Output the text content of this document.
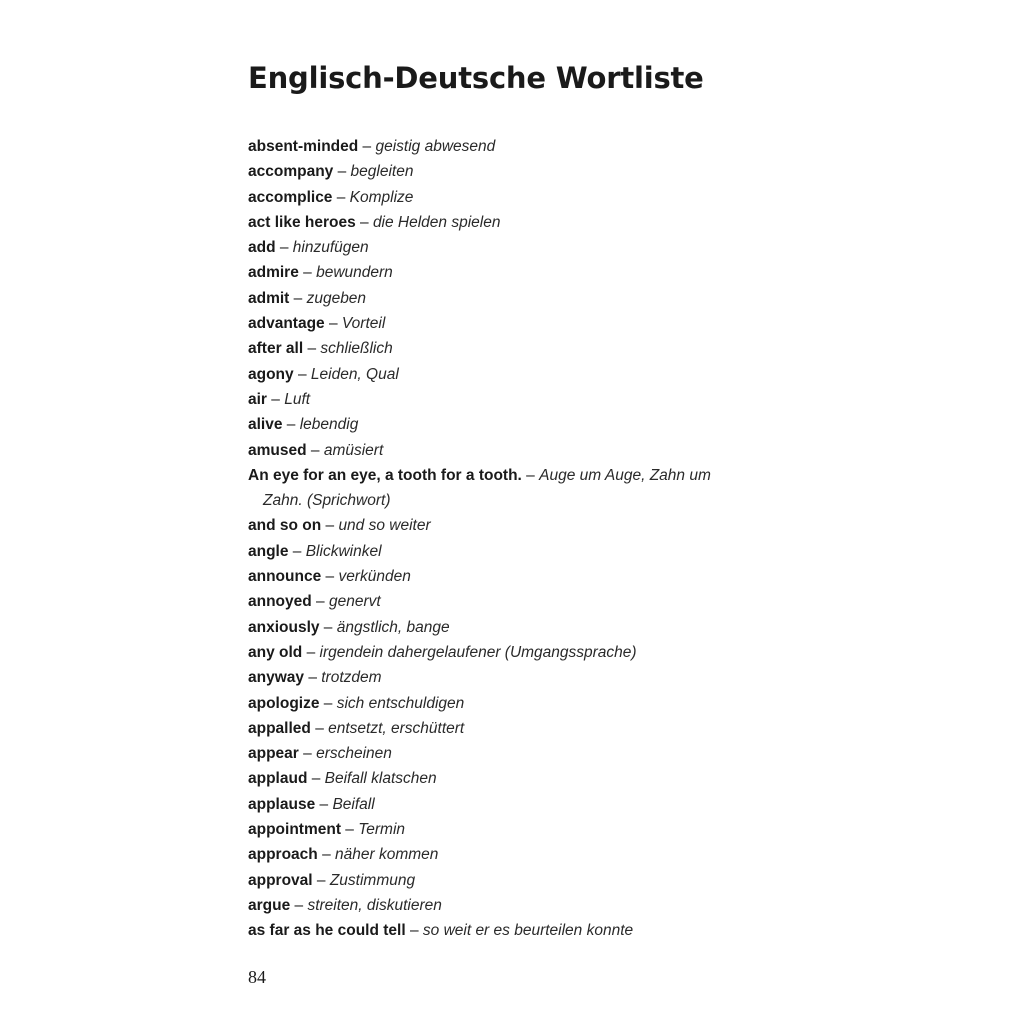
Englisch-Deutsche Wortliste
absent-minded – geistig abwesend
accompany – begleiten
accomplice – Komplize
act like heroes – die Helden spielen
add – hinzufügen
admire – bewundern
admit – zugeben
advantage – Vorteil
after all – schließlich
agony – Leiden, Qual
air – Luft
alive – lebendig
amused – amüsiert
An eye for an eye, a tooth for a tooth. – Auge um Auge, Zahn um Zahn. (Sprichwort)
and so on – und so weiter
angle – Blickwinkel
announce – verkünden
annoyed – genervt
anxiously – ängstlich, bange
any old – irgendein dahergelaufener (Umgangssprache)
anyway – trotzdem
apologize – sich entschuldigen
appalled – entsetzt, erschüttert
appear – erscheinen
applaud – Beifall klatschen
applause – Beifall
appointment – Termin
approach – näher kommen
approval – Zustimmung
argue – streiten, diskutieren
as far as he could tell – so weit er es beurteilen konnte
84
